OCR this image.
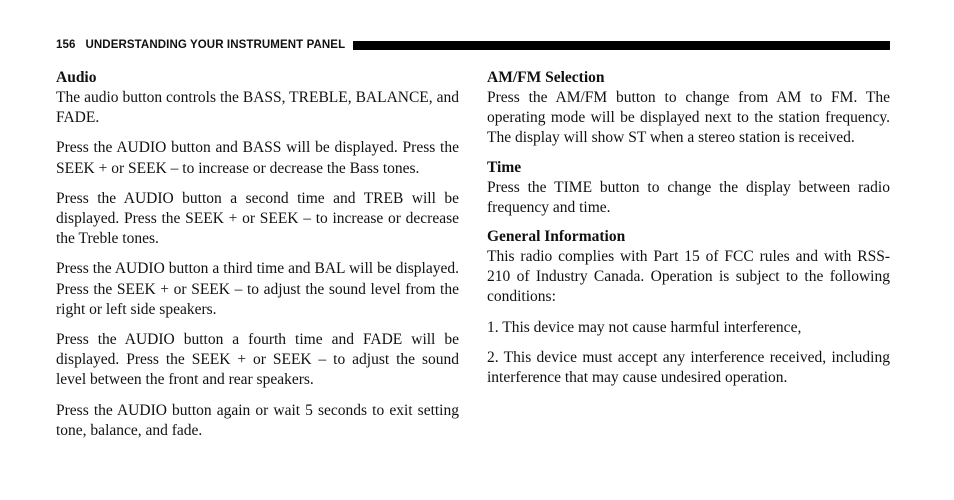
156 UNDERSTANDING YOUR INSTRUMENT PANEL

Audio

The audio button controls the BASS, TREBLE, BALANCE, and FADE.

Press the AUDIO button and BASS will be displayed. Press the SEEK + or SEEK – to increase or decrease the Bass tones.

Press the AUDIO button a second time and TREB will be displayed. Press the SEEK + or SEEK – to increase or decrease the Treble tones.

Press the AUDIO button a third time and BAL will be displayed. Press the SEEK + or SEEK – to adjust the sound level from the right or left side speakers.

Press the AUDIO button a fourth time and FADE will be displayed. Press the SEEK + or SEEK – to adjust the sound level between the front and rear speakers.

Press the AUDIO button again or wait 5 seconds to exit setting tone, balance, and fade.

AM/FM Selection

Press the AM/FM button to change from AM to FM. The operating mode will be displayed next to the station frequency. The display will show ST when a stereo station is received.

Time

Press the TIME button to change the display between radio frequency and time.

General Information

This radio complies with Part 15 of FCC rules and with RSS-210 of Industry Canada. Operation is subject to the following conditions:

1. This device may not cause harmful interference,

2. This device must accept any interference received, including interference that may cause undesired operation.
